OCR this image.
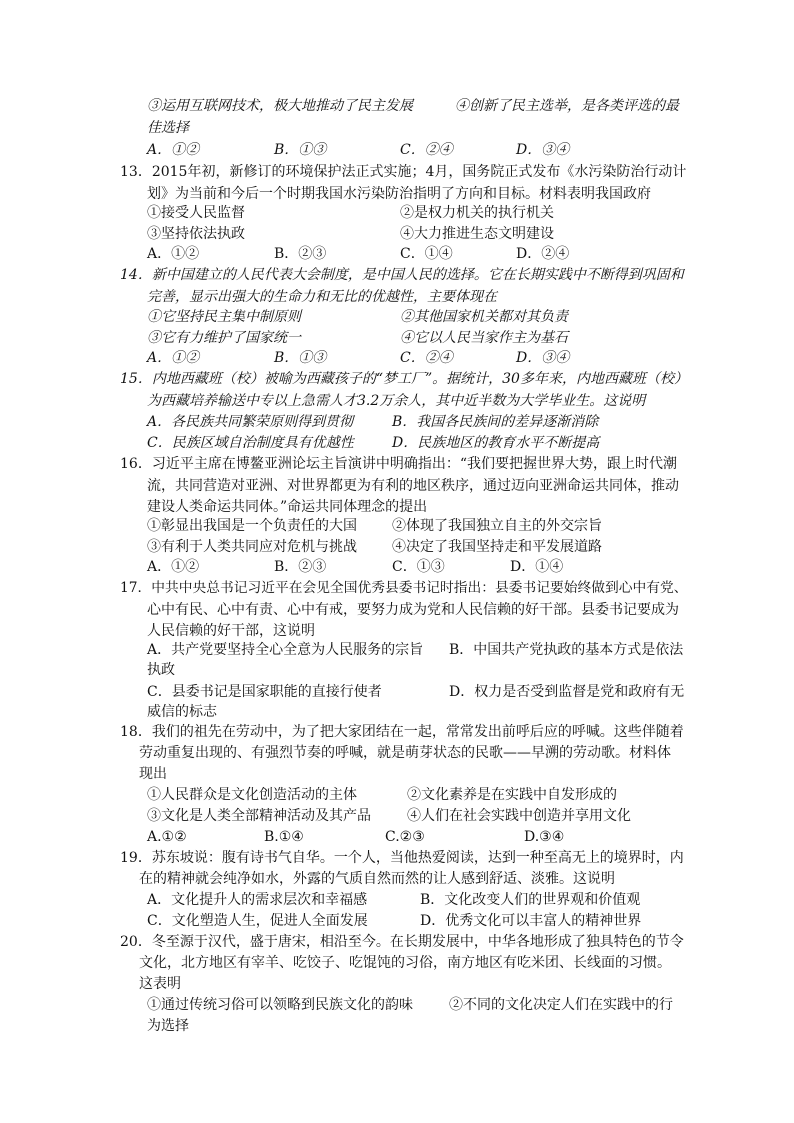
③运用互联网技术，极大地推动了民主发展　　　④创新了民主选举，是各类评选的最
佳选择
A．①②	B．①③	C．②④	D．③④
13．2015年初，新修订的环境保护法正式实施；4月，国务院正式发布《水污染防治行动计
划》为当前和今后一个时期我国水污染防治指明了方向和目标。材料表明我国政府
①接受人民监督	②是权力机关的执行机关
③坚持依法执政	④大力推进生态文明建设
A．①②	B．②③	C．①④	D．②④
14．新中国建立的人民代表大会制度，是中国人民的选择。它在长期实践中不断得到巩固和
完善，显示出强大的生命力和无比的优越性，主要体现在
①它坚持民主集中制原则	②其他国家机关都对其负责
③它有力维护了国家统一	④它以人民当家作主为基石
A．①②	B．①③	C．②④	D．③④
15．内地西藏班（校）被喻为西藏孩子的“梦工厂”。据统计，30多年来，内地西藏班（校）
为西藏培养输送中专以上急需人才3.2万余人，其中近半数为大学毕业生。这说明
A．各民族共同繁荣原则得到贯彻	B．我国各民族间的差异逐渐消除
C．民族区域自治制度具有优越性	D．民族地区的教育水平不断提高
16．习近平主席在博鳌亚洲论坛主旨演讲中明确指出：“我们要把握世界大势，跟上时代潮
流，共同营造对亚洲、对世界都更为有利的地区秩序，通过迈向亚洲命运共同体，推动
建设人类命运共同体。”命运共同体理念的提出
①彰显出我国是一个负责任的大国	②体现了我国独立自主的外交宗旨
③有利于人类共同应对危机与挑战	④决定了我国坚持走和平发展道路
A．①②	B．②③	C．①③	D．①④
17．中共中央总书记习近平在会见全国优秀县委书记时指出：县委书记要始终做到心中有党、
心中有民、心中有责、心中有戒，要努力成为党和人民信赖的好干部。县委书记要成为
人民信赖的好干部，这说明
A．共产党要坚持全心全意为人民服务的宗旨 B．中国共产党执政的基本方式是依法
执政
C．县委书记是国家职能的直接行使者	D．权力是否受到监督是党和政府有无
威信的标志
18．我们的祖先在劳动中，为了把大家团结在一起，常常发出前呼后应的呼喊。这些伴随着
劳动重复出现的、有强烈节奏的呼喊，就是萌芽状态的民歌——早溯的劳动歌。材料体
现出
①人民群众是文化创造活动的主体	②文化素养是在实践中自发形成的
③文化是人类全部精神活动及其产品	④人们在社会实践中创造并享用文化
A.①②	B.①④	C.②③	D.③④
19．苏东坡说：腹有诗书气自华。一个人，当他热爱阅读，达到一种至高无上的境界时，内
在的精神就会纯净如水，外露的气质自然而然的让人感到舒适、淡雅。这说明
A．文化提升人的需求层次和幸福感	B．文化改变人们的世界观和价值观
C．文化塑造人生，促进人全面发展	D．优秀文化可以丰富人的精神世界
20．冬至源于汉代，盛于唐宋，相沿至今。在长期发展中，中华各地形成了独具特色的节令
文化，北方地区有宰羊、吃饺子、吃馄饨的习俗，南方地区有吃米团、长线面的习惯。
这表明
①通过传统习俗可以领略到民族文化的韵味	②不同的文化决定人们在实践中的行
为选择
